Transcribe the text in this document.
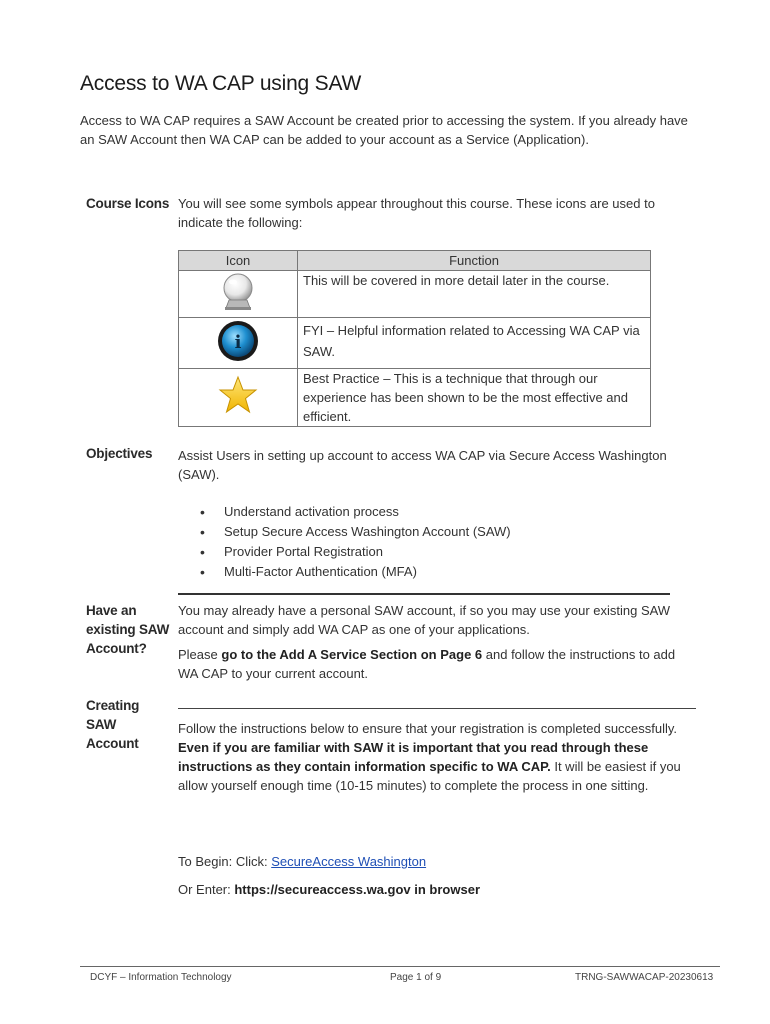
Access to WA CAP using SAW
Access to WA CAP requires a SAW Account be created prior to accessing the system. If you already have an SAW Account then WA CAP can be added to your account as a Service (Application).
Course Icons You will see some symbols appear throughout this course. These icons are used to indicate the following:
Icon	Function
	This will be covered in more detail later in the course.

i	FYI – Helpful information related to Accessing WA CAP via SAW.
	Best Practice – This is a technique that through our experience has been shown to be the most effective and efficient.
Objectives Assist Users in setting up account to access WA CAP via Secure Access Washington (SAW).
• Understand activation process
• Setup Secure Access Washington Account (SAW)
• Provider Portal Registration
• Multi-Factor Authentication (MFA)
Have an existing SAW Account?
You may already have a personal SAW account, if so you may use your existing SAW account and simply add WA CAP as one of your applications.
Please go to the Add A Service Section on Page 6 and follow the instructions to add WA CAP to your current account.
Creating SAW Account
Follow the instructions below to ensure that your registration is completed successfully. Even if you are familiar with SAW it is important that you read through these instructions as they contain information specific to WA CAP. It will be easiest if you allow yourself enough time (10-15 minutes) to complete the process in one sitting.
To Begin: Click: SecureAccess Washington
Or Enter: https://secureaccess.wa.gov in browser
DCYF – Information Technology	Page 1 of 9	TRNG-SAWWACAP-20230613
